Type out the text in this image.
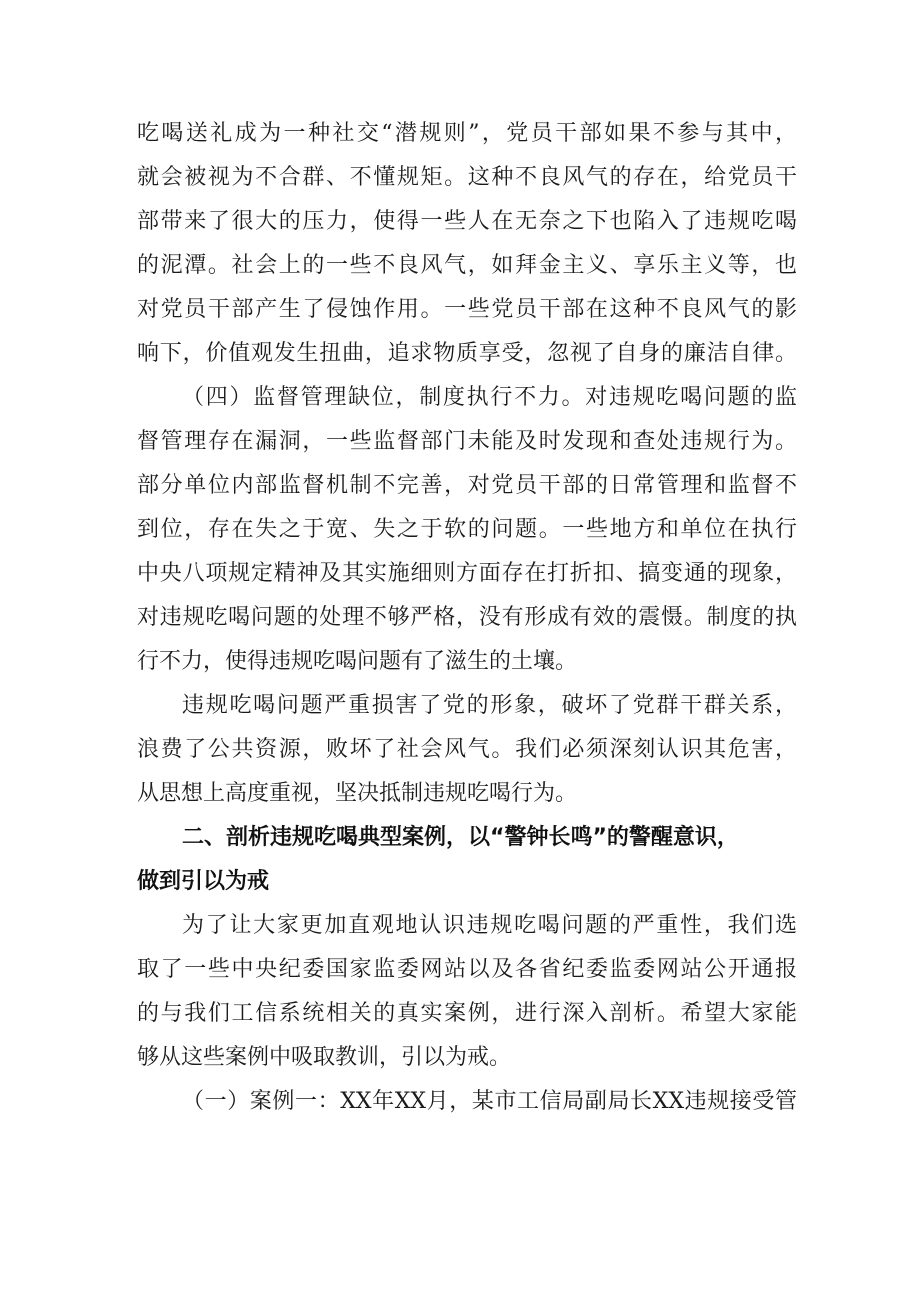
吃喝送礼成为一种社交“潜规则”，党员干部如果不参与其中，
就会被视为不合群、不懂规矩。这种不良风气的存在，给党员干
部带来了很大的压力，使得一些人在无奈之下也陷入了违规吃喝
的泥潭。社会上的一些不良风气，如拜金主义、享乐主义等，也
对党员干部产生了侵蚀作用。一些党员干部在这种不良风气的影
响下，价值观发生扭曲，追求物质享受，忽视了自身的廉洁自律。
（四）监督管理缺位，制度执行不力。对违规吃喝问题的监
督管理存在漏洞，一些监督部门未能及时发现和查处违规行为。
部分单位内部监督机制不完善，对党员干部的日常管理和监督不
到位，存在失之于宽、失之于软的问题。一些地方和单位在执行
中央八项规定精神及其实施细则方面存在打折扣、搞变通的现象，
对违规吃喝问题的处理不够严格，没有形成有效的震慑。制度的执
行不力，使得违规吃喝问题有了滋生的土壤。
违规吃喝问题严重损害了党的形象，破坏了党群干群关系，
浪费了公共资源，败坏了社会风气。我们必须深刻认识其危害，
从思想上高度重视，坚决抵制违规吃喝行为。
二、剖析违规吃喝典型案例，以“警钟长鸣”的警醒意识，
做到引以为戒
为了让大家更加直观地认识违规吃喝问题的严重性，我们选
取了一些中央纪委国家监委网站以及各省纪委监委网站公开通报
的与我们工信系统相关的真实案例，进行深入剖析。希望大家能
够从这些案例中吸取教训，引以为戒。
（一）案例一：XX年XX月，某市工信局副局长XX违规接受管
